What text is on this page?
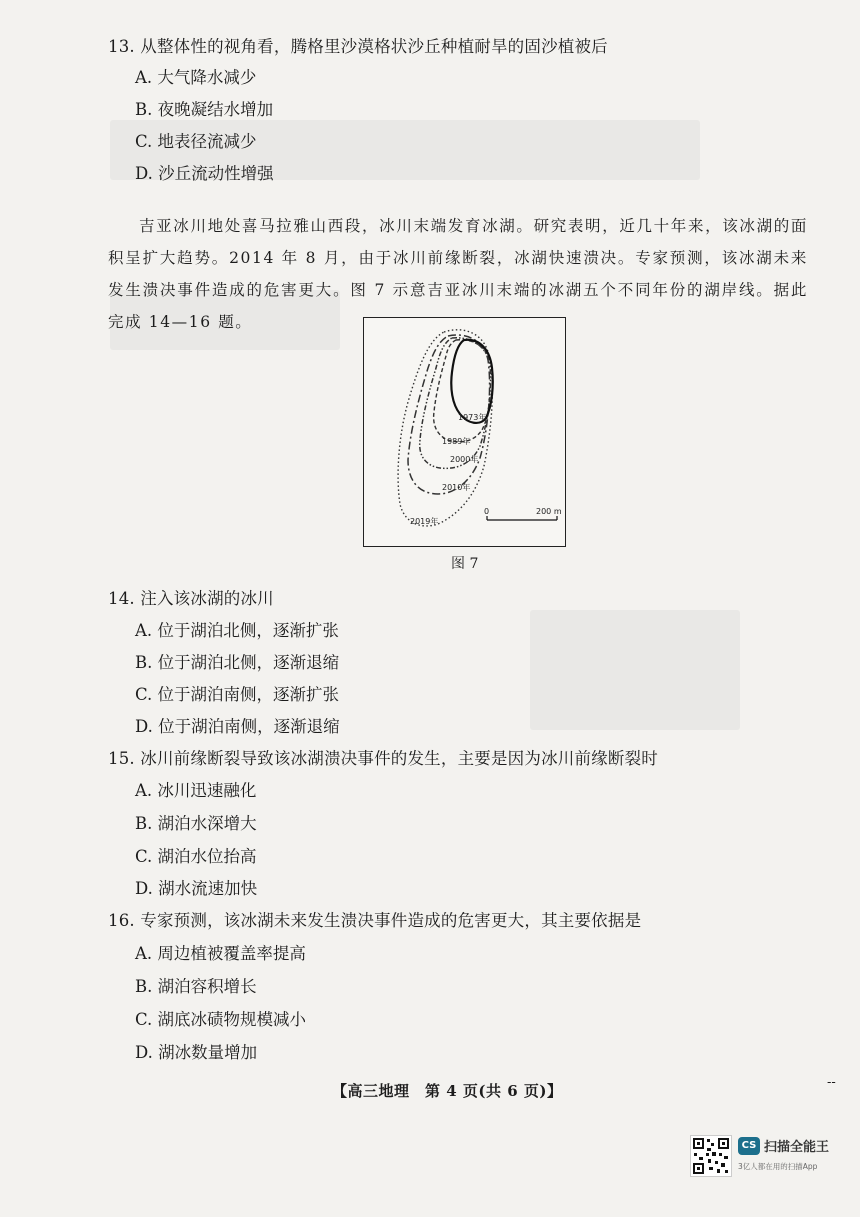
13. 从整体性的视角看，腾格里沙漠格状沙丘种植耐旱的固沙植被后
A. 大气降水减少
B. 夜晚凝结水增加
C. 地表径流减少
D. 沙丘流动性增强
吉亚冰川地处喜马拉雅山西段，冰川末端发育冰湖。研究表明，近几十年来，该冰湖的面积呈扩大趋势。2014 年 8 月，由于冰川前缘断裂，冰湖快速溃决。专家预测，该冰湖未来发生溃决事件造成的危害更大。图 7 示意吉亚冰川末端的冰湖五个不同年份的湖岸线。据此完成 14—16 题。
1973年
1989年
2000年
2010年
2019年
0	200 m
图 7
14. 注入该冰湖的冰川
A. 位于湖泊北侧，逐渐扩张
B. 位于湖泊北侧，逐渐退缩
C. 位于湖泊南侧，逐渐扩张
D. 位于湖泊南侧，逐渐退缩
15. 冰川前缘断裂导致该冰湖溃决事件的发生，主要是因为冰川前缘断裂时
A. 冰川迅速融化
B. 湖泊水深增大
C. 湖泊水位抬高
D. 湖水流速加快
16. 专家预测，该冰湖未来发生溃决事件造成的危害更大，其主要依据是
A. 周边植被覆盖率提高
B. 湖泊容积增长
C. 湖底冰碛物规模减小
D. 湖冰数量增加
【高三地理　第 4 页(共 6 页)】	--
CS 扫描全能王
3亿人都在用的扫描App
